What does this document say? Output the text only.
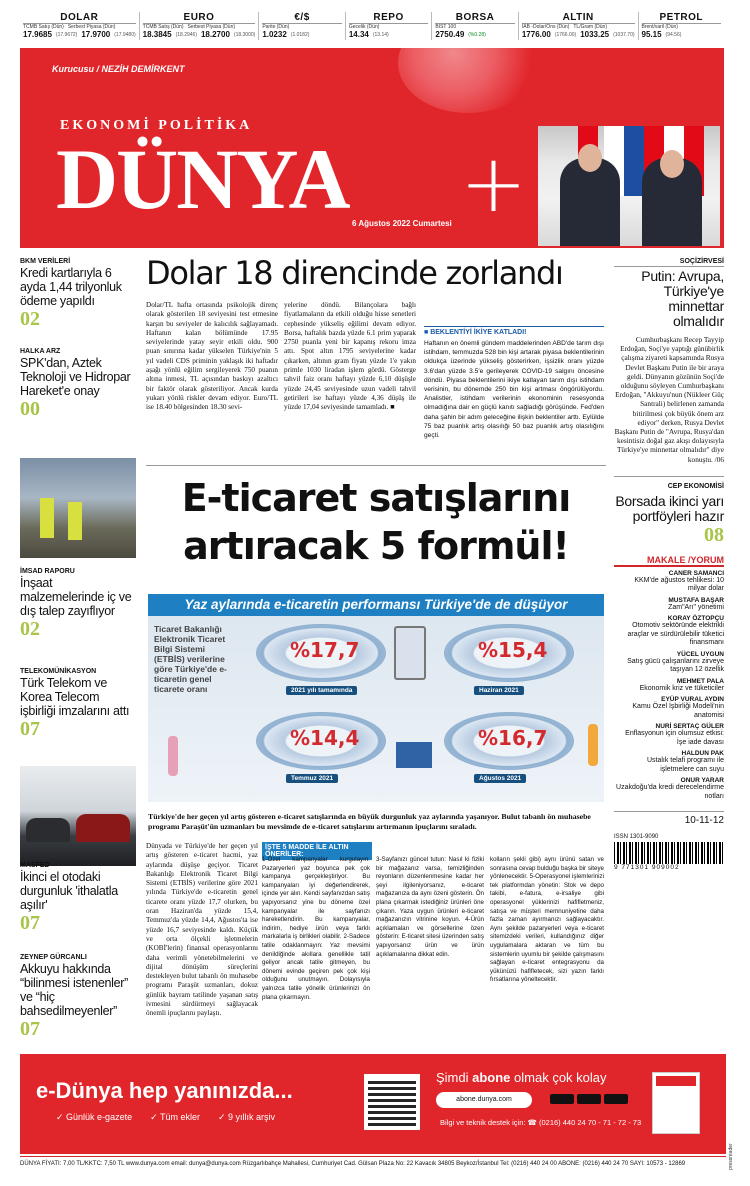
DOLAR
TCMB Satış (Dün) Serbest Piyasa (Dün)
17.9685 (17.9672) 17.9700 (17.9480)
EURO
TCMB Satış (Dün) Serbest Piyasa (Dün)
18.3845 (18.2946) 18.2700 (18.3000)
€/$
Parite (Dün)
1.0232 (1.0182)
REPO
Gecelik (Dün)
14.34 (13.14)
BORSA
BIST 100
2750.49 (%0.28)
ALTIN
İAB -Dolar/Ons (Dün) TL/Gram (Dün)
1776.00 (1766.00) 1033.25 (1037.70)
PETROL
Brent/varil (Dün)
95.15 (94.56)
Kurucusu / NEZİH DEMİRKENT
EKONOMİ POLİTİKA
DÜNYA +
6 Ağustos 2022 Cumartesi
BKM VERİLERİ
Kredi kartlarıyla 6 ayda 1,44 trilyonluk ödeme yapıldı
02
HALKA ARZ
SPK'dan, Aztek Teknoloji ve Hidropar Hareket'e onay
00
İMSAD RAPORU
İnşaat malzemelerinde iç ve dış talep zayıflıyor
02
TELEKOMÜNİKASYON
Türk Telekom ve Korea Telecom işbirliği imzalarını attı
07
MASFED
İkinci el otodaki durgunluk 'ithalatla aşılır'
07
ZEYNEP GÜRCANLI
Akkuyu hakkında “bilinmesi istenenler” ve “hiç bahsedilmeyenler”
07
Dolar 18 direncinde zorlandı
Dolar/TL hafta ortasında psikolojik direnç olarak gösterilen 18 seviyesini test etmesine karşın bu seviyeler de kalıcılık sağlayamadı. Haftanın kalan bölümünde 17.95 seviyelerinde yatay seyir etkili oldu. 900 puan sınırına kadar yükselen Türkiye'nin 5 yıl vadeli CDS priminin yaklaşık iki haftadır aşağı yönlü eğilim sergileyerek 750 puanın altına inmesi, TL açısından baskıyı azaltıcı bir faktör olarak gösteriliyor. Ancak kurda yukarı yönlü riskler devam ediyor. Euro/TL ise 18.40 bölgesinden 18.30 sevi-
yelerine döndü. Bilançolara bağlı fiyatlamaların da etkili olduğu hisse senetleri cephesinde yükseliş eğilimi devam ediyor. Borsa, haftalık bazda yüzde 6.1 prim yaparak 2750 puanla yeni bir kapanış rekoru imza attı. Spot altın 1795 seviyelerine kadar çıkarken, altının gram fiyatı yüzde 1'e yakın primle 1030 liradan işlem gördü. Gösterge tahvil faiz oranı haftayı yüzde 6,10 düşüşle yüzde 24,45 seviyesinde uzun vadeli tahvil getirileri ise haftayı yüzde 4,36 düşüş ile yüzde 17,04 seviyesinde tamamladı. ■
■ BEKLENTİYİ İKİYE KATLADI!
Haftanın en önemli gündem maddelerinden ABD'de tarım dışı istihdam, temmuzda 528 bin kişi artarak piyasa beklentilerinin oldukça üzerinde yükseliş gösterirken, işsizlik oranı yüzde 3.6'dan yüzde 3.5'e gerileyerek COVID-19 salgını öncesine döndü. Piyasa beklentilerini ikiye katlayan tarım dışı istihdam verisinin, bu dönemde 250 bin kişi artması öngörülüyordu. Analistler, istihdam verilerinin ekonominin resesyonda olmadığına dair en güçlü kanıtı sağladığı görüşünde. Fed'den daha şahin bir adım geleceğine ilişkin beklentiler arttı. Eylülde 75 baz puanlık artış olasılığı 50 baz puanlık artış olasılığını geçti.
E-ticaret satışlarını
artıracak 5 formül!
Yaz aylarında e-ticaretin performansı Türkiye'de de düşüyor
Ticaret Bakanlığı Elektronik Ticaret Bilgi Sistemi (ETBİS) verilerine göre Türkiye'de e-ticaretin genel ticarete oranı
%17,7
2021 yılı tamamında
%15,4
Haziran 2021
%14,4
Temmuz 2021
%16,7
Ağustos 2021
Türkiye'de her geçen yıl artış gösteren e-ticaret satışlarında en büyük durgunluk yaz aylarında yaşanıyor. Bulut tabanlı ön muhasebe programı Paraşüt'ün uzmanları bu mevsimde de e-ticaret satışlarını artırmanın ipuçlarını sıraladı.
Dünyada ve Türkiye'de her geçen yıl artış gösteren e-ticaret hacmi, yaz aylarında düşüşe geçiyor. Ticaret Bakanlığı Elektronik Ticaret Bilgi Sistemi (ETBİS) verilerine göre 2021 yılında Türkiye'de e-ticaretin genel ticarete oranı yüzde 17,7 olurken, bu oran Haziran'da yüzde 15,4, Temmuz'da yüzde 14,4, Ağustos'ta ise yüzde 16,7 seviyesinde kaldı. Küçük ve orta ölçekli işletmelerin (KOBİ'lerin) finansal operasyonlarını daha verimli yönetebilmelerini ve dijital dönüşüm süreçlerini destekleyen bulut tabanlı ön muhasebe programı Paraşüt uzmanları, dokuz günlük bayram tatilinde yaşanan satış ivmesini sürdürmeyi sağlayacak önemli ipuçlarını paylaştı.
İŞTE 5 MADDE İLE ALTIN ÖNERİLER:
1-Özel kampanyalar kurgulayın: Pazaryerleri yaz boyunca pek çok kampanya gerçekleştiriyor. Bu kampanyaları iyi değerlendirerek, içinde yer alın. Kendi sayfanızdan satış yapıyorsanız yine bu döneme özel kampanyalar ile sayfanızı hareketlendirin. Bu kampanyalar, indirim, hediye ürün veya farklı markalarla iş birlikleri olabilir. 2-Sadece tatile odaklanmayın: Yaz mevsimi denildiğinde akıllara genellikle tatil geliyor ancak tatile gitmeyen, bu dönemi evinde geçiren pek çok kişi olduğunu unutmayın. Dolayısıyla yalnızca tatile yönelik ürünlerinizi ön plana çıkarmayın.
3-Sayfanızı güncel tutun: Nasıl ki fiziki bir mağazanız varsa, temizliğinden reyonların düzenlenmesine kadar her şeyi ilgileniyorsanız, e-ticaret mağazanıza da aynı özeni gösterin. Ön plana çıkarmak istediğiniz ürünleri öne çıkarın. Yaza uygun ürünleri e-ticaret mağazanızın vitrinine koyun. 4-Ürün açıklamaları ve görsellerine özen gösterin: E-ticaret sitesi üzerinden satış yapıyorsanız ürün ve ürün açıklamalarına dikkat edin.
kolların şekli gibi) aynı ürünü satan ve sonrasına cevap bulduğu başka bir siteye yönlenecektir. 5-Operasyonel işlemlerinizi tek platformdan yönetin: Stok ve depo takibi, e-fatura, e-irsaliye gibi operasyonel yüklerinizi hafifletmeniz, satışa ve müşteri memnuniyetine daha fazla zaman ayırmanızı sağlayacaktır. Aynı şekilde pazaryerleri veya e-ticaret sitemizdeki verileri, kullandığınız diğer uygulamalara aktaran ve tüm bu sistemlerin uyumlu bir şekilde çalışmasını sağlayan e-ticaret entegrasyonu da yükünüzü hafifletecek, sizi yazın farklı fırsatlarına yöneltecektir.
SOÇİZİRVESİ
Putin: Avrupa, Türkiye'ye minnettar olmalıdır
Cumhurbaşkanı Recep Tayyip Erdoğan, Soçi'ye yaptığı günübirlik çalışma ziyareti kapsamında Rusya Devlet Başkanı Putin ile bir araya geldi. Dünyanın gözünün Soçi'de olduğunu söyleyen Cumhurbaşkanı Erdoğan, "Akkuyu'nun (Nükleer Güç Santrali) belirlenen zamanda bitirilmesi çok büyük önem arz ediyor" derken, Rusya Devlet Başkanı Putin de "Avrupa, Rusya'dan kesintisiz doğal gaz akışı dolayısıyla Türkiye'ye minnettar olmalıdır" diye konuştu. /06
CEP EKONOMİSİ
Borsada ikinci yarı portföyleri hazır
08
MAKALE /YORUM
CANER SAMANCI
KKM'de ağustos tehlikesi: 10 milyar dolar
MUSTAFA BAŞAR
Zam"Arı" yönetimi
KORAY ÖZTOPÇU
Otomotiv sektöründe elektrikli araçlar ve sürdürülebilir tüketici finansmanı
YÜCEL UYGUN
Satış gücü çalışanlarını zirveye taşıyan 12 özellik
MEHMET PALA
Ekonomik kriz ve tüketiciler
EYÜP VURAL AYDIN
Kamu Özel İşbirliği Modeli'nin anatomisi
NURİ SERTAÇ GÜLER
Enflasyonun için olumsuz etkisi: İşe iade davası
HALDUN PAK
Ustalık telafi programı ile işletmelere can suyu
ONUR YARAR
Uzakdoğu'da kredi derecelendirme notları
10-11-12
ISSN 1301-9090
9 771301 909002
e-Dünya hep yanınızda...
✓ Günlük e-gazete ✓ Tüm ekler ✓ 9 yıllık arşiv
Şimdi abone olmak çok kolay
abone.dunya.com
Bilgi ve teknik destek için: ☎ (0216) 440 24 70 - 71 - 72 - 73
DÜNYA FİYATI: 7,00 TL/KKTC: 7,50 TL www.dunya.com email: dunya@dunya.com Rüzgarlıbahçe Mahallesi, Cumhuriyet Cad. Gülsan Plaza No: 22 Kavacık 34805 Beykoz/İstanbul Tel: (0216) 440 24 00 ABONE: (0216) 440 24 70 SAYI: 10573 - 12869	pressreader
